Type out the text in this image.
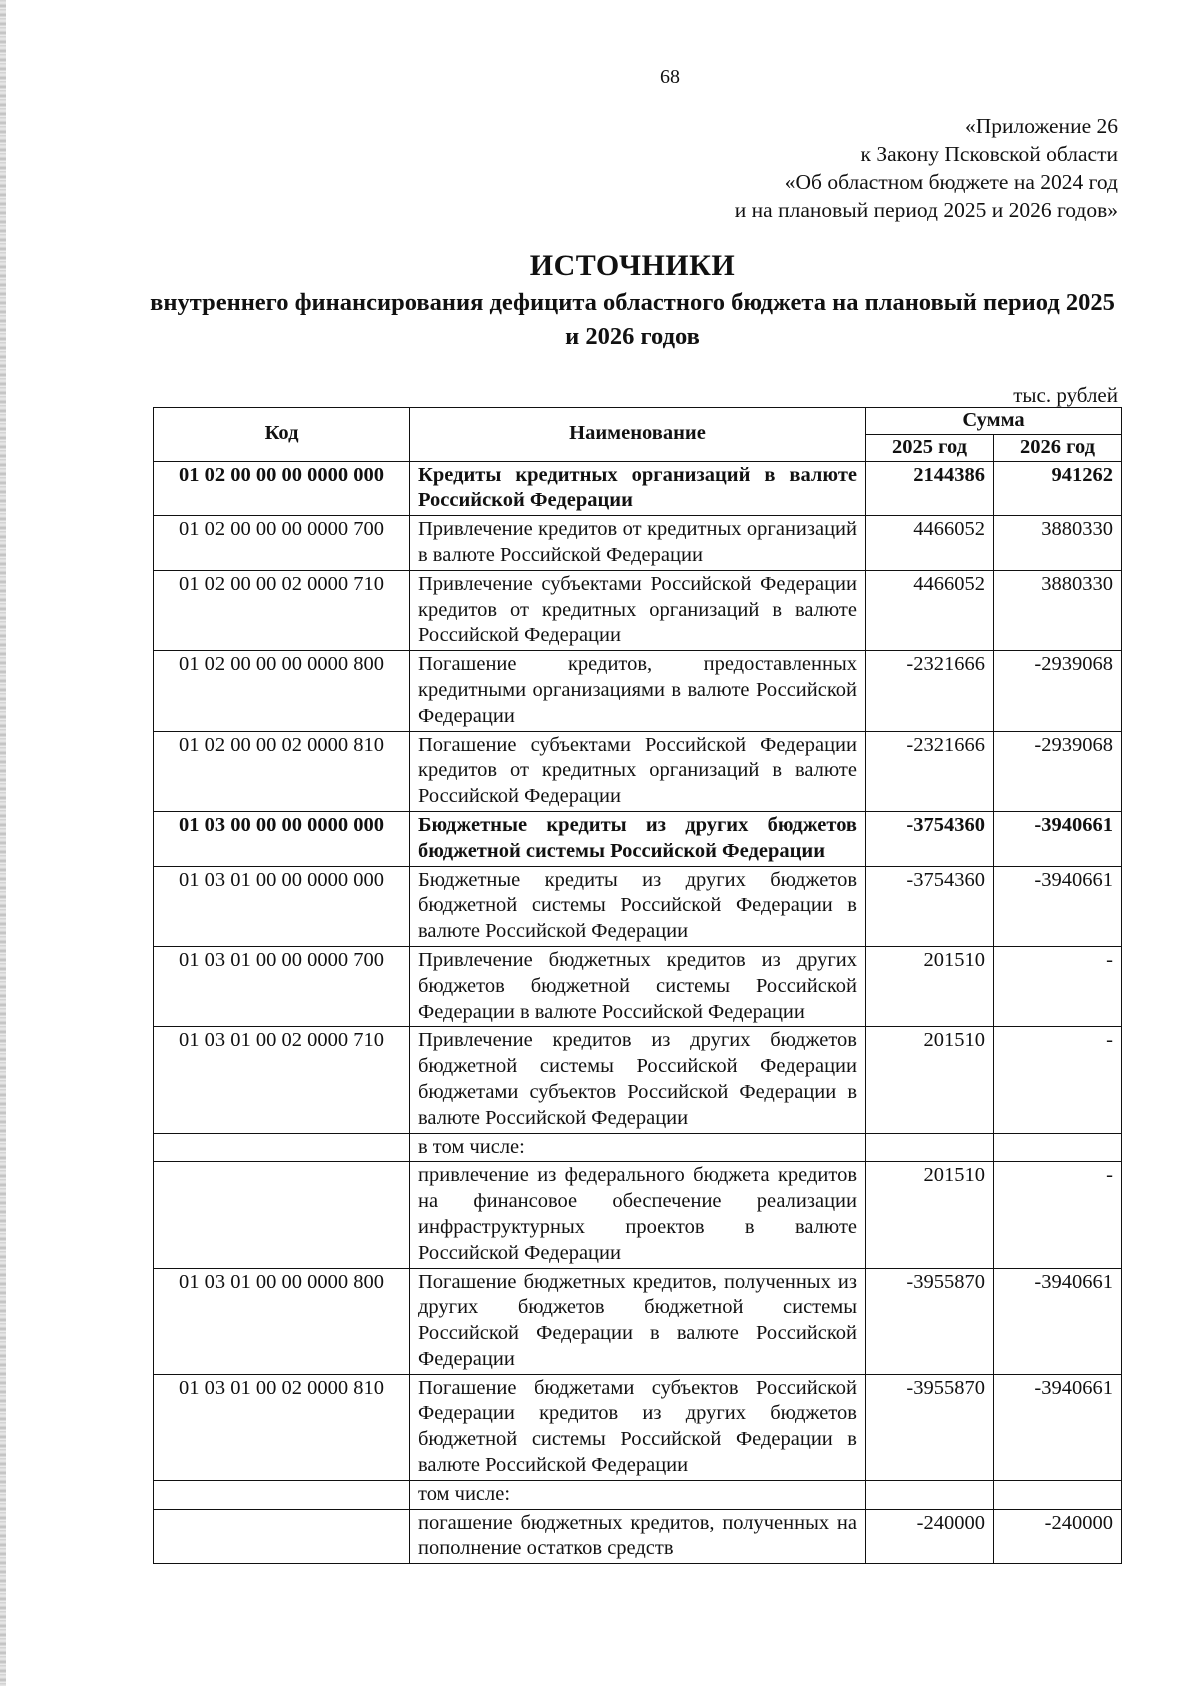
68
«Приложение 26
к Закону Псковской области
«Об областном бюджете на 2024 год
и на плановый период 2025 и 2026 годов»
ИСТОЧНИКИ
внутреннего финансирования дефицита областного бюджета на плановый период 2025 и 2026 годов
тыс. рублей
Код	Наименование	Сумма	
		2025 год	2026 год
01 02 00 00 00 0000 000	Кредиты кредитных организаций в валюте Российской Федерации	2144386	941262
01 02 00 00 00 0000 700	Привлечение кредитов от кредитных организаций в валюте Российской Федерации	4466052	3880330
01 02 00 00 02 0000 710	Привлечение субъектами Российской Федерации кредитов от кредитных организаций в валюте Российской Федерации	4466052	3880330
01 02 00 00 00 0000 800	Погашение кредитов, предоставленных кредитными организациями в валюте Российской Федерации	-2321666	-2939068
01 02 00 00 02 0000 810	Погашение субъектами Российской Федерации кредитов от кредитных организаций в валюте Российской Федерации	-2321666	-2939068
01 03 00 00 00 0000 000	Бюджетные кредиты из других бюджетов бюджетной системы Российской Федерации	-3754360	-3940661
01 03 01 00 00 0000 000	Бюджетные кредиты из других бюджетов бюджетной системы Российской Федерации в валюте Российской Федерации	-3754360	-3940661
01 03 01 00 00 0000 700	Привлечение бюджетных кредитов из других бюджетов бюджетной системы Российской Федерации в валюте Российской Федерации	201510	-
01 03 01 00 02 0000 710	Привлечение кредитов из других бюджетов бюджетной системы Российской Федерации бюджетами субъектов Российской Федерации в валюте Российской Федерации	201510	-
	в том числе:		
	привлечение из федерального бюджета кредитов на финансовое обеспечение реализации инфраструктурных проектов в валюте Российской Федерации	201510	-
01 03 01 00 00 0000 800	Погашение бюджетных кредитов, полученных из других бюджетов бюджетной системы Российской Федерации в валюте Российской Федерации	-3955870	-3940661
01 03 01 00 02 0000 810	Погашение бюджетами субъектов Российской Федерации кредитов из других бюджетов бюджетной системы Российской Федерации в валюте Российской Федерации	-3955870	-3940661
	том числе:		
	погашение бюджетных кредитов, полученных на пополнение остатков средств	-240000	-240000
